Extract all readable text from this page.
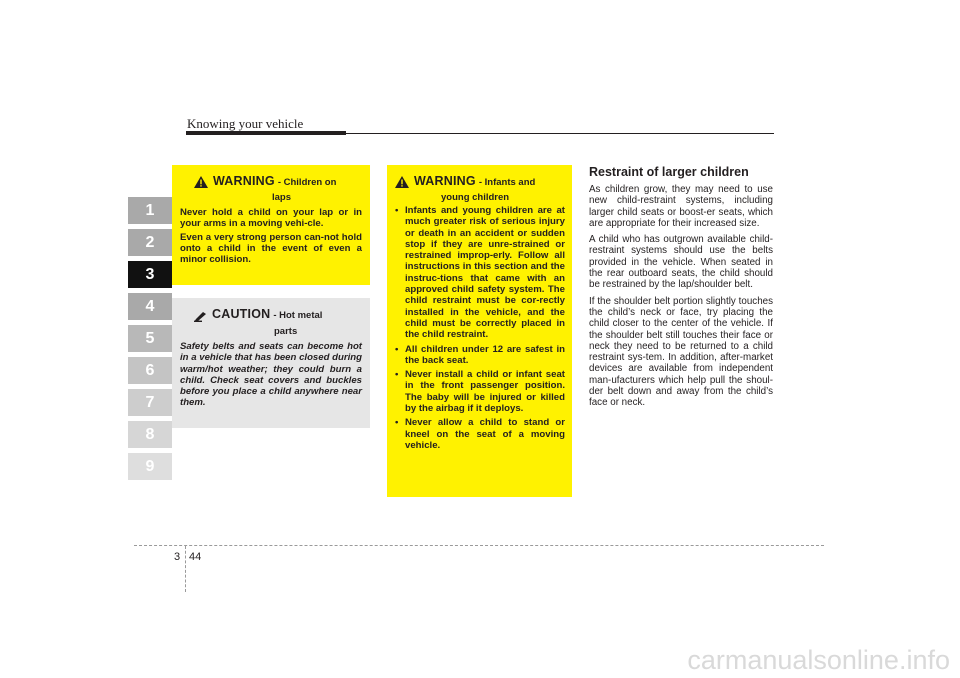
Knowing your vehicle
1
2
3
4
5
6
7
8
9
WARNING - Children on
laps
Never hold a child on your lap or in your arms in a moving vehi-cle.
Even a very strong person can-not hold onto a child in the event of even a minor collision.
CAUTION - Hot metal
parts
Safety belts and seats can become hot in a vehicle that has been closed during warm/hot weather; they could burn a child. Check seat covers and buckles before you place a child anywhere near them.
WARNING - Infants and
young children
• Infants and young children are at much greater risk of serious injury or death in an accident or sudden stop if they are unre-strained or restrained improp-erly. Follow all instructions in this section and the instruc-tions that came with an approved child safety system. The child restraint must be cor-rectly installed in the vehicle, and the child must be correctly placed in the child restraint.
• All children under 12 are safest in the back seat.
• Never install a child or infant seat in the front passenger position. The baby will be injured or killed by the airbag if it deploys.
• Never allow a child to stand or kneel on the seat of a moving vehicle.
Restraint of larger children

As children grow, they may need to use new child-restraint systems, including larger child seats or boost-er seats, which are appropriate for their increased size.

A child who has outgrown available child-restraint systems should use the belts provided in the vehicle. When seated in the rear outboard seats, the child should be restrained by the lap/shoulder belt.

If the shoulder belt portion slightly touches the child’s neck or face, try placing the child closer to the center of the vehicle. If the shoulder belt still touches their face or neck they need to be returned to a child restraint sys-tem. In addition, after-market devices are available from independent man-ufacturers which help pull the shoul-der belt down and away from the child’s face or neck.

3 44
carmanualsonline.info
